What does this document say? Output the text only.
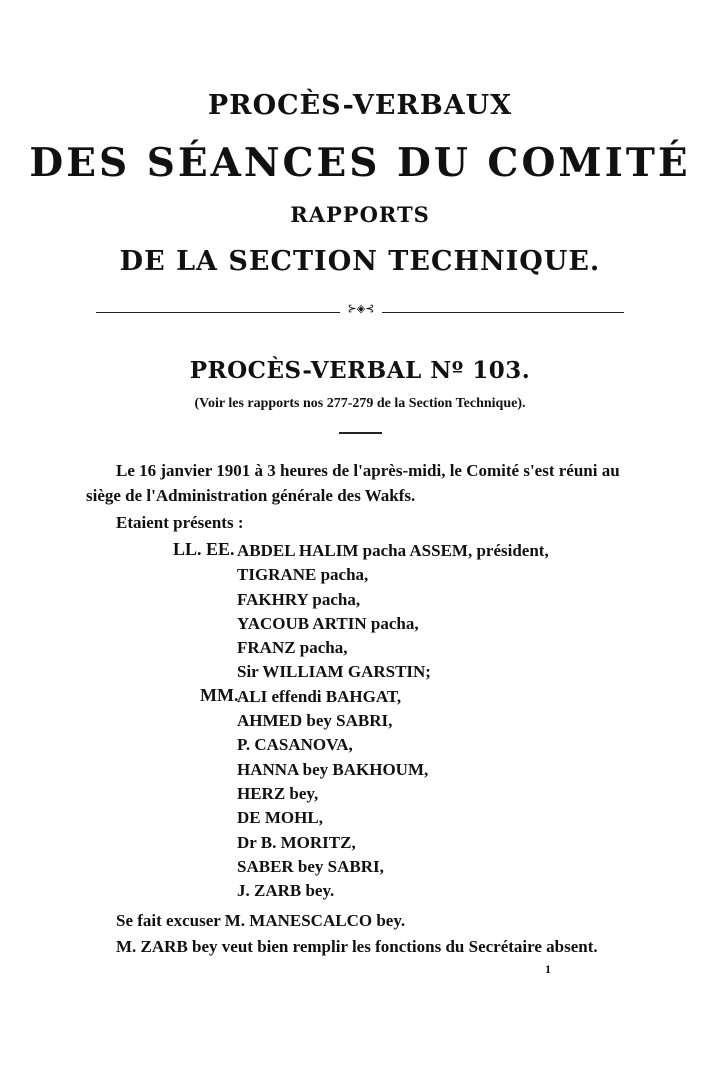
PROCÈS-VERBAUX
DES SÉANCES DU COMITÉ
RAPPORTS
DE LA SECTION TECHNIQUE.
⊱◈⊰
PROCÈS-VERBAL Nº 103.
(Voir les rapports nos 277-279 de la Section Technique).
Le 16 janvier 1901 à 3 heures de l'après-midi, le Comité s'est réuni au
siège de l'Administration générale des Wakfs.
Etaient présents :
LL. EE. ABDEL HALIM pacha ASSEM, président,
TIGRANE pacha,
FAKHRY pacha,
YACOUB ARTIN pacha,
FRANZ pacha,
Sir WILLIAM GARSTIN;
ALI effendi BAHGAT,
AHMED bey SABRI,
P. CASANOVA,
HANNA bey BAKHOUM,
HERZ bey,
DE MOHL,
Dr B. MORITZ,
SABER bey SABRI,
J. ZARB bey.
MM.
Se fait excuser M. MANESCALCO bey.
M. ZARB bey veut bien remplir les fonctions du Secrétaire absent.
1
